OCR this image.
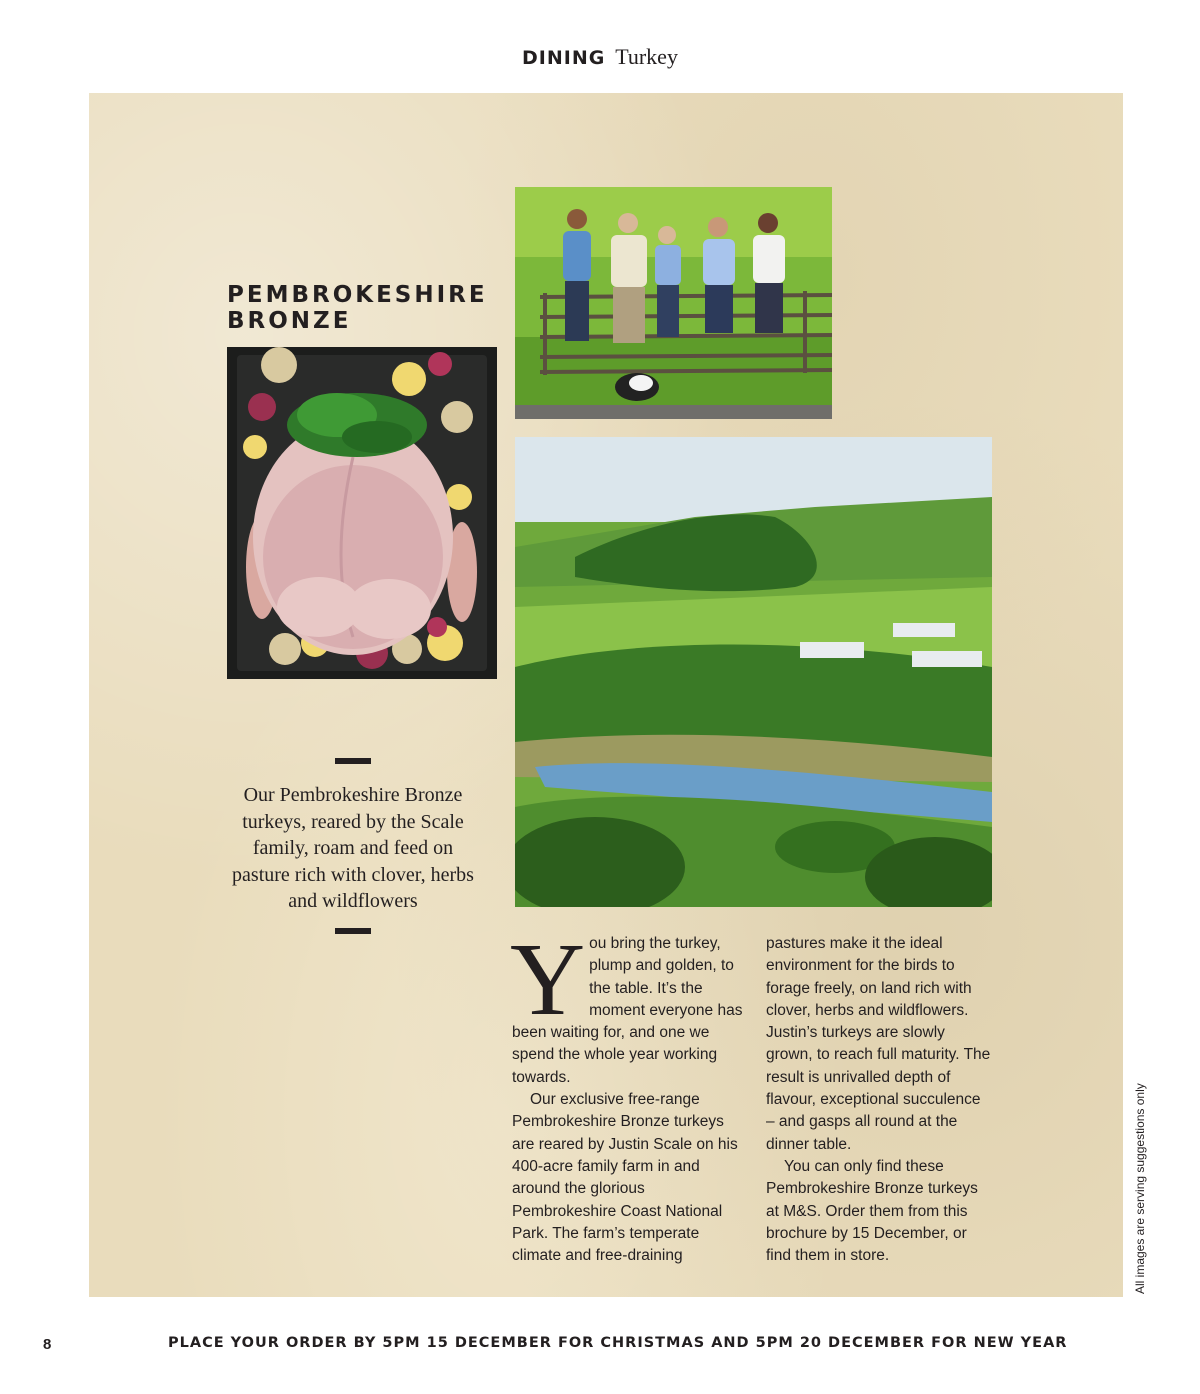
DINING Turkey
PEMBROKESHIRE
BRONZE
Our Pembrokeshire Bronze turkeys, reared by the Scale family, roam and feed on pasture rich with clover, herbs and wildflowers
Y ou bring the turkey, plump and golden, to the table. It’s the moment everyone has been waiting for, and one we spend the whole year working towards.

Our exclusive free-range Pembrokeshire Bronze turkeys are reared by Justin Scale on his 400-acre family farm in and around the glorious Pembrokeshire Coast National Park. The farm’s temperate climate and free-draining

pastures make it the ideal environment for the birds to forage freely, on land rich with clover, herbs and wildflowers. Justin’s turkeys are slowly grown, to reach full maturity. The result is unrivalled depth of flavour, exceptional succulence – and gasps all round at the dinner table.

You can only find these Pembrokeshire Bronze turkeys at M&S. Order them from this brochure by 15 December, or find them in store.	All images are serving suggestions only
8	PLACE YOUR ORDER BY 5PM 15 DECEMBER FOR CHRISTMAS AND 5PM 20 DECEMBER FOR NEW YEAR
